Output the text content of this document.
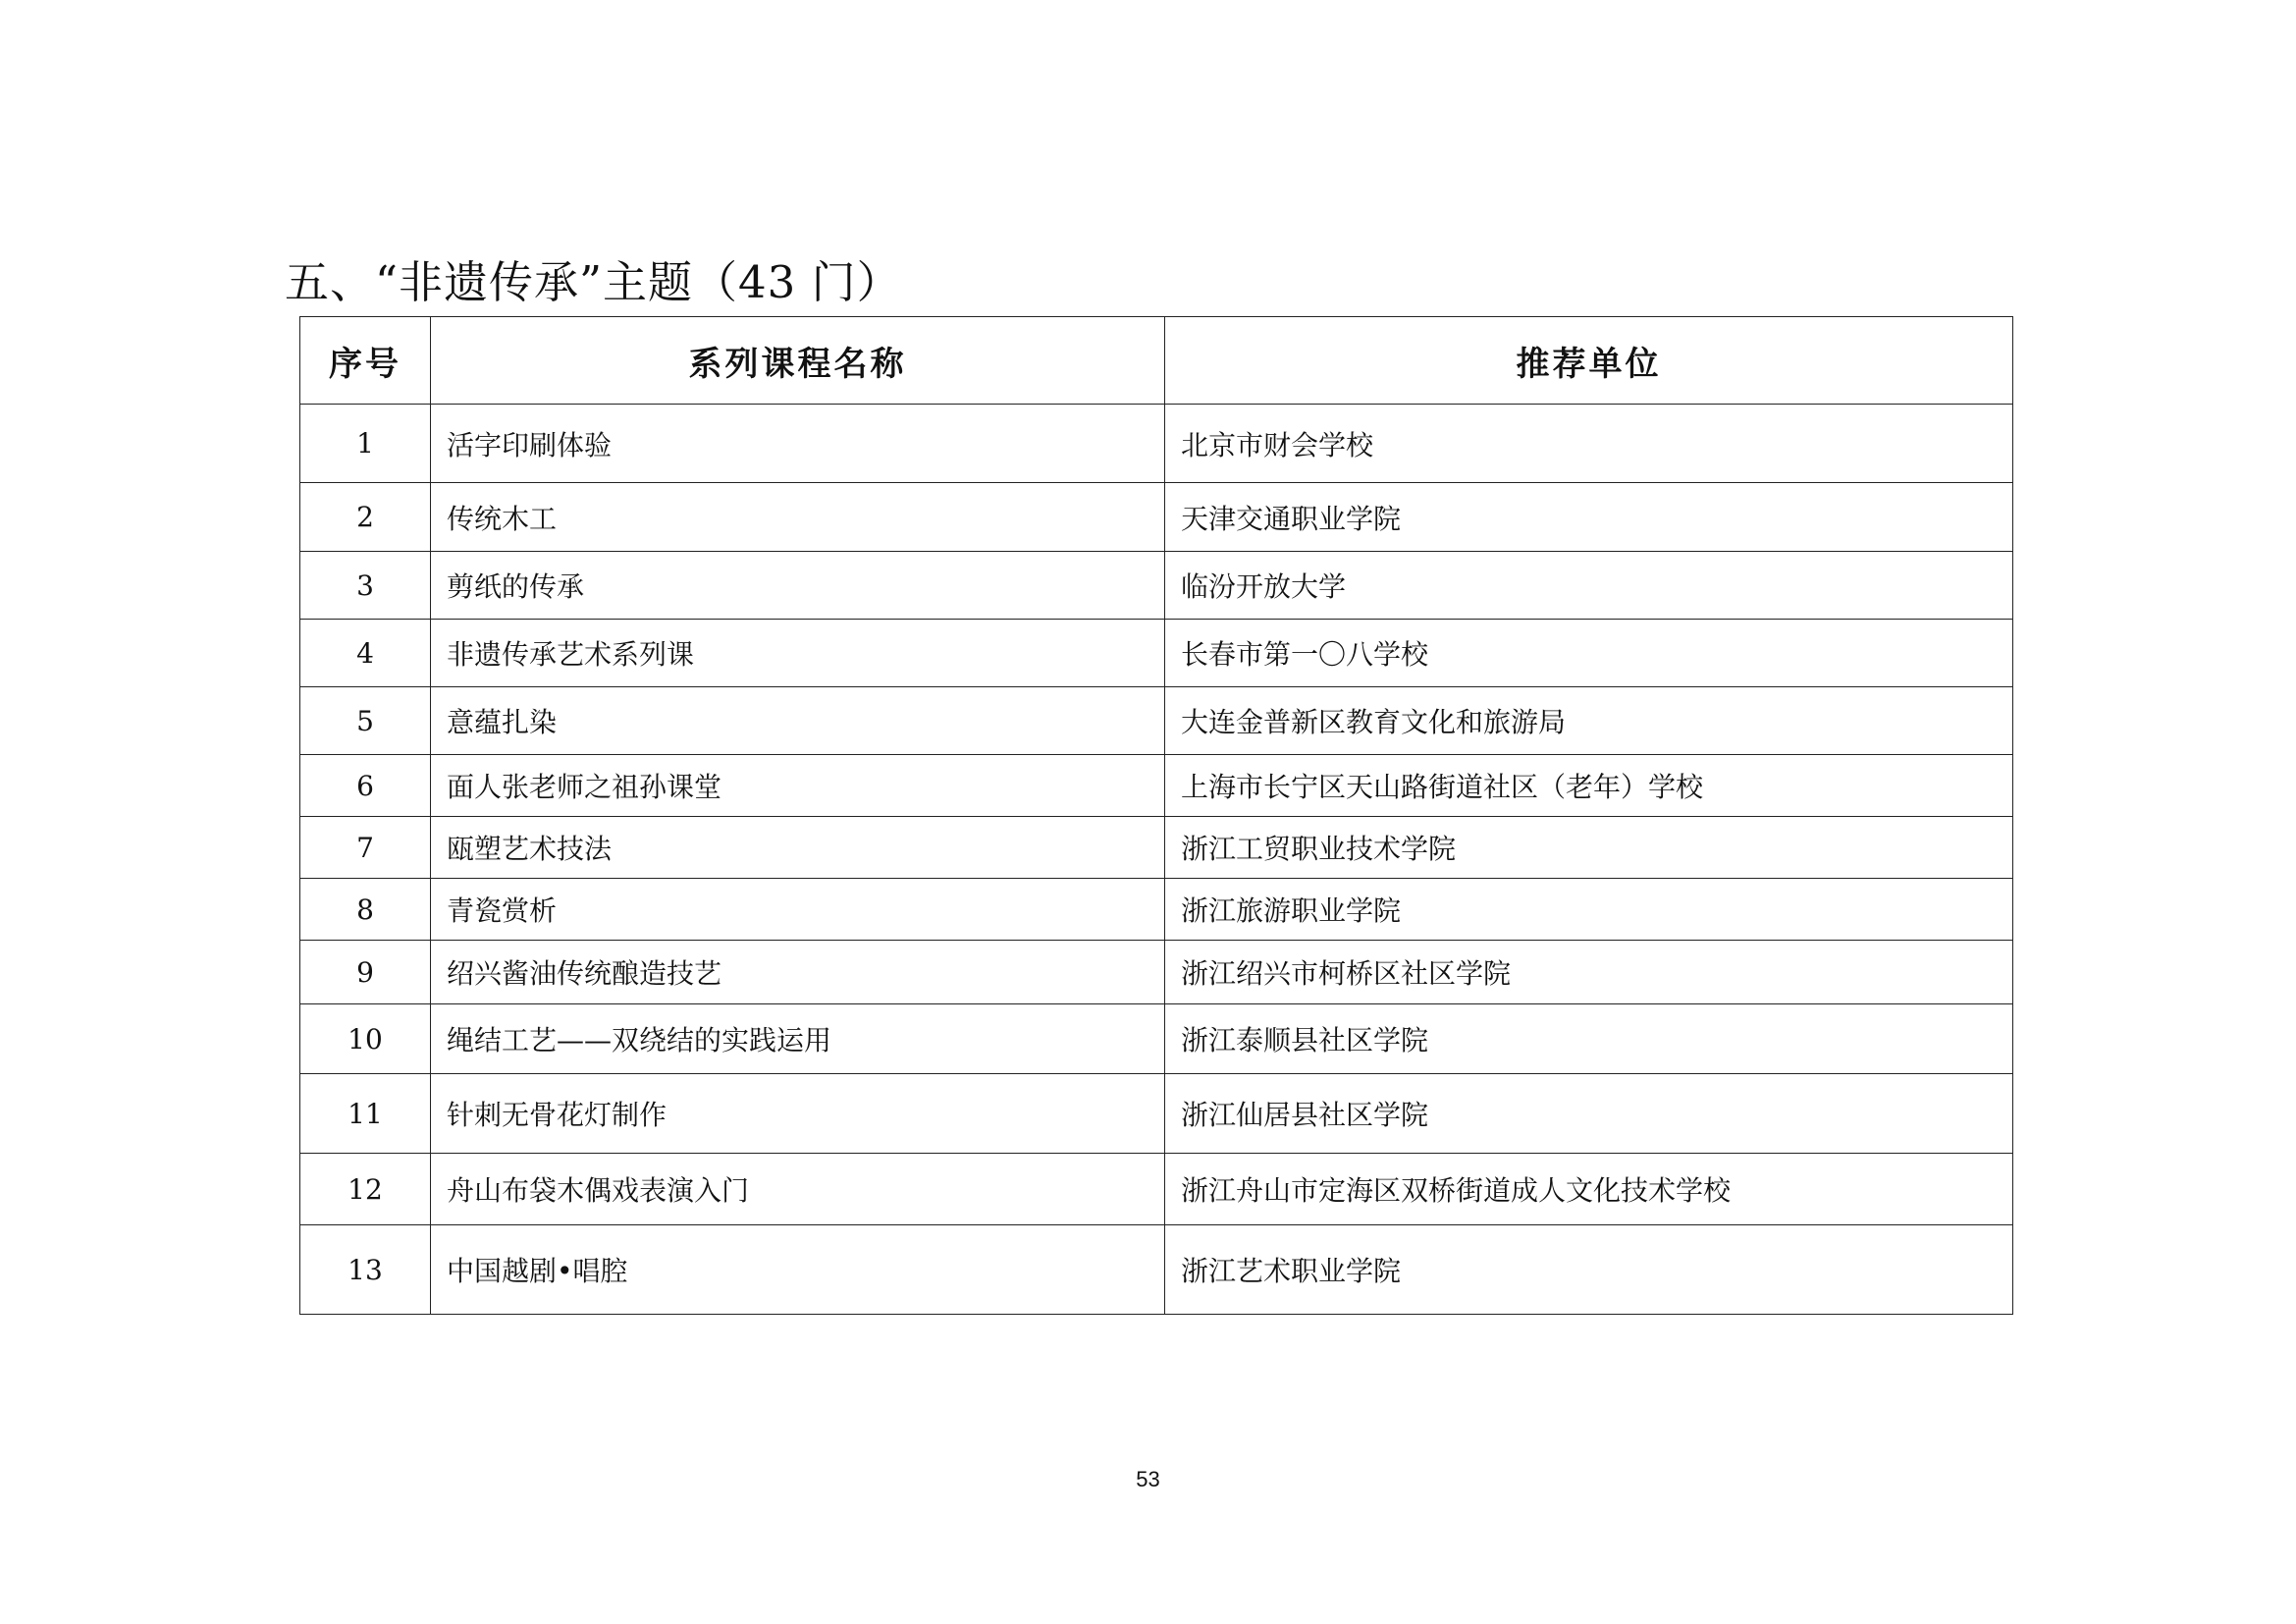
五、“非遗传承”主题（43 门）
序号	系列课程名称	推荐单位
1	活字印刷体验	北京市财会学校
2	传统木工	天津交通职业学院
3	剪纸的传承	临汾开放大学
4	非遗传承艺术系列课	长春市第一〇八学校
5	意蕴扎染	大连金普新区教育文化和旅游局
6	面人张老师之祖孙课堂	上海市长宁区天山路街道社区（老年）学校
7	瓯塑艺术技法	浙江工贸职业技术学院
8	青瓷赏析	浙江旅游职业学院
9	绍兴酱油传统酿造技艺	浙江绍兴市柯桥区社区学院
10	绳结工艺——双绕结的实践运用	浙江泰顺县社区学院
11	针刺无骨花灯制作	浙江仙居县社区学院
12	舟山布袋木偶戏表演入门	浙江舟山市定海区双桥街道成人文化技术学校
13	中国越剧•唱腔	浙江艺术职业学院
53
